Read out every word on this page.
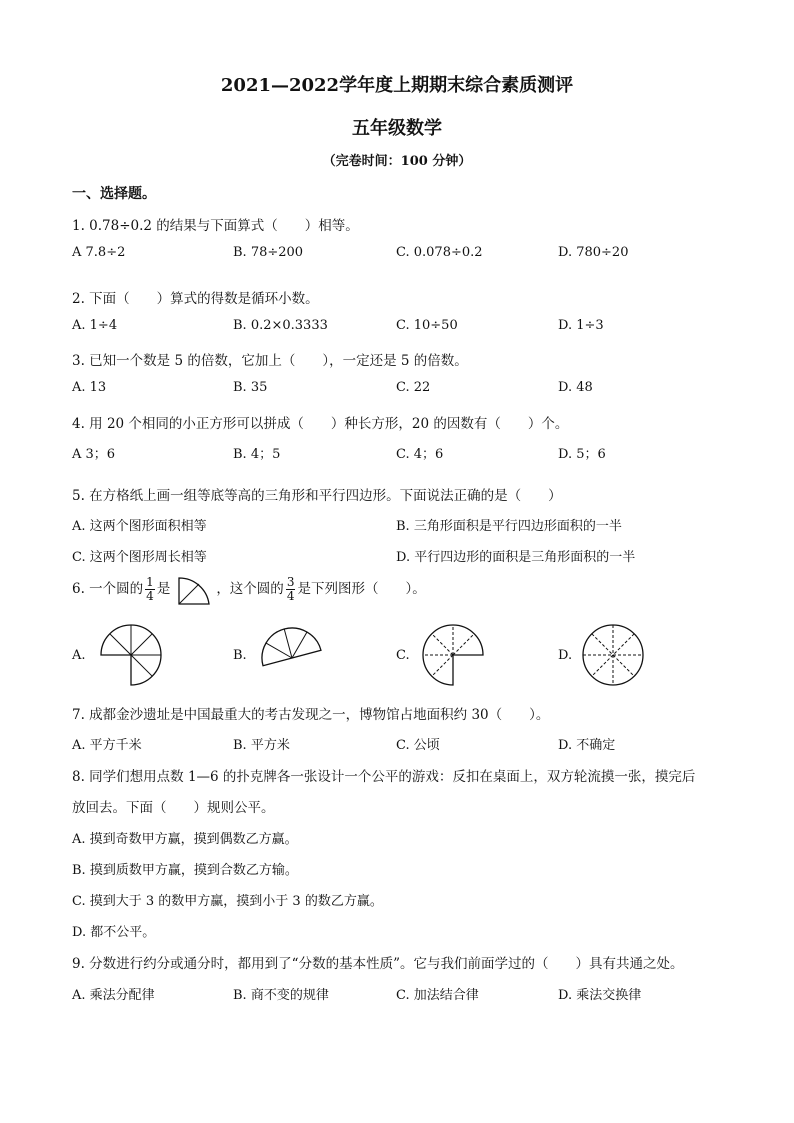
2021—2022学年度上期期末综合素质测评
五年级数学
（完卷时间：100 分钟）
一、选择题。
1. 0.78÷0.2 的结果与下面算式（　　）相等。
A 7.8÷2	B. 78÷200	C. 0.078÷0.2	D. 780÷20
2. 下面（　　）算式的得数是循环小数。
A. 1÷4	B. 0.2×0.3333	C. 10÷50	D. 1÷3
3. 已知一个数是 5 的倍数，它加上（　　），一定还是 5 的倍数。
A. 13	B. 35	C. 22	D. 48
4. 用 20 个相同的小正方形可以拼成（　　）种长方形，20 的因数有（　　）个。
A 3；6	B. 4；5	C. 4；6	D. 5；6
5. 在方格纸上画一组等底等高的三角形和平行四边形。下面说法正确的是（　　）
A. 这两个图形面积相等	B. 三角形面积是平行四边形面积的一半
C. 这两个图形周长相等	D. 平行四边形的面积是三角形面积的一半
6. 一个圆的 $\frac{1}{4}$ 是	，这个圆的 $\frac{3}{4}$ 是下列图形（　　）。
A.	B.	C.	D.
7. 成都金沙遗址是中国最重大的考古发现之一，博物馆占地面积约 30（　　）。
A. 平方千米	B. 平方米	C. 公顷	D. 不确定
8. 同学们想用点数 1—6 的扑克牌各一张设计一个公平的游戏：反扣在桌面上，双方轮流摸一张，摸完后
放回去。下面（　　）规则公平。
A. 摸到奇数甲方赢，摸到偶数乙方赢。
B. 摸到质数甲方赢，摸到合数乙方输。
C. 摸到大于 3 的数甲方赢，摸到小于 3 的数乙方赢。
D. 都不公平。
9. 分数进行约分或通分时，都用到了“分数的基本性质”。它与我们前面学过的（　　）具有共通之处。
A. 乘法分配律	B. 商不变的规律	C. 加法结合律	D. 乘法交换律
